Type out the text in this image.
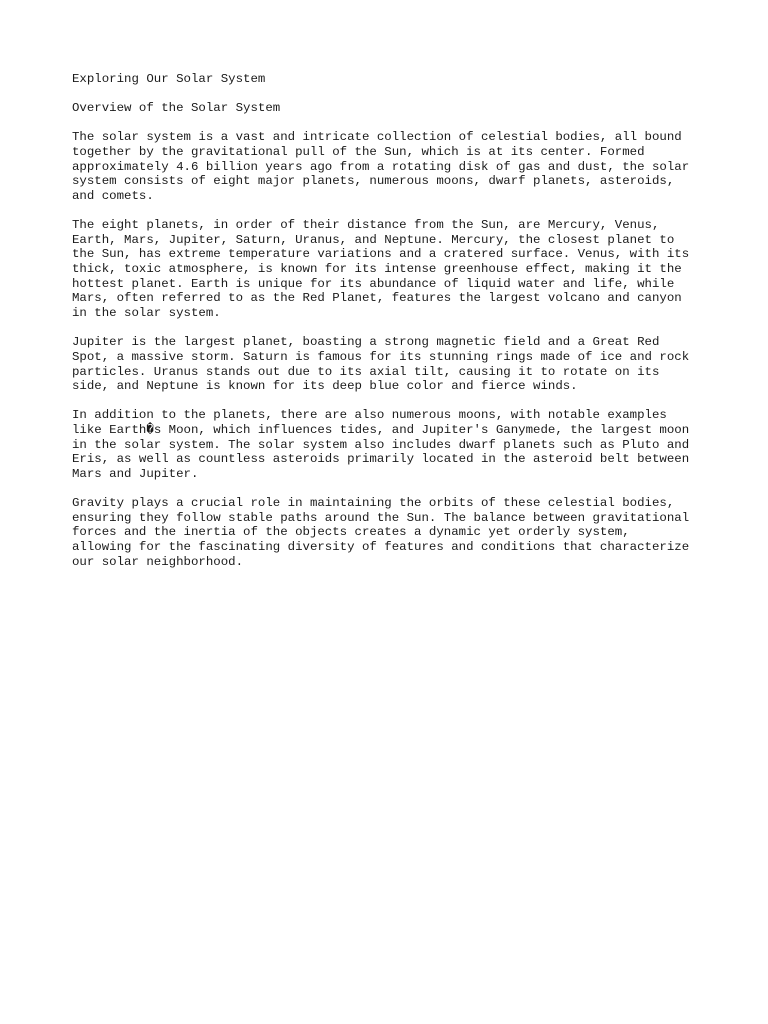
Exploring Our Solar System
Overview of the Solar System
The solar system is a vast and intricate collection of celestial bodies, all bound
together by the gravitational pull of the Sun, which is at its center. Formed
approximately 4.6 billion years ago from a rotating disk of gas and dust, the solar
system consists of eight major planets, numerous moons, dwarf planets, asteroids,
and comets.
The eight planets, in order of their distance from the Sun, are Mercury, Venus,
Earth, Mars, Jupiter, Saturn, Uranus, and Neptune. Mercury, the closest planet to
the Sun, has extreme temperature variations and a cratered surface. Venus, with its
thick, toxic atmosphere, is known for its intense greenhouse effect, making it the
hottest planet. Earth is unique for its abundance of liquid water and life, while
Mars, often referred to as the Red Planet, features the largest volcano and canyon
in the solar system.
Jupiter is the largest planet, boasting a strong magnetic field and a Great Red
Spot, a massive storm. Saturn is famous for its stunning rings made of ice and rock
particles. Uranus stands out due to its axial tilt, causing it to rotate on its
side, and Neptune is known for its deep blue color and fierce winds.
In addition to the planets, there are also numerous moons, with notable examples
like Earth�s Moon, which influences tides, and Jupiter's Ganymede, the largest moon
in the solar system. The solar system also includes dwarf planets such as Pluto and
Eris, as well as countless asteroids primarily located in the asteroid belt between
Mars and Jupiter.
Gravity plays a crucial role in maintaining the orbits of these celestial bodies,
ensuring they follow stable paths around the Sun. The balance between gravitational
forces and the inertia of the objects creates a dynamic yet orderly system,
allowing for the fascinating diversity of features and conditions that characterize
our solar neighborhood.
